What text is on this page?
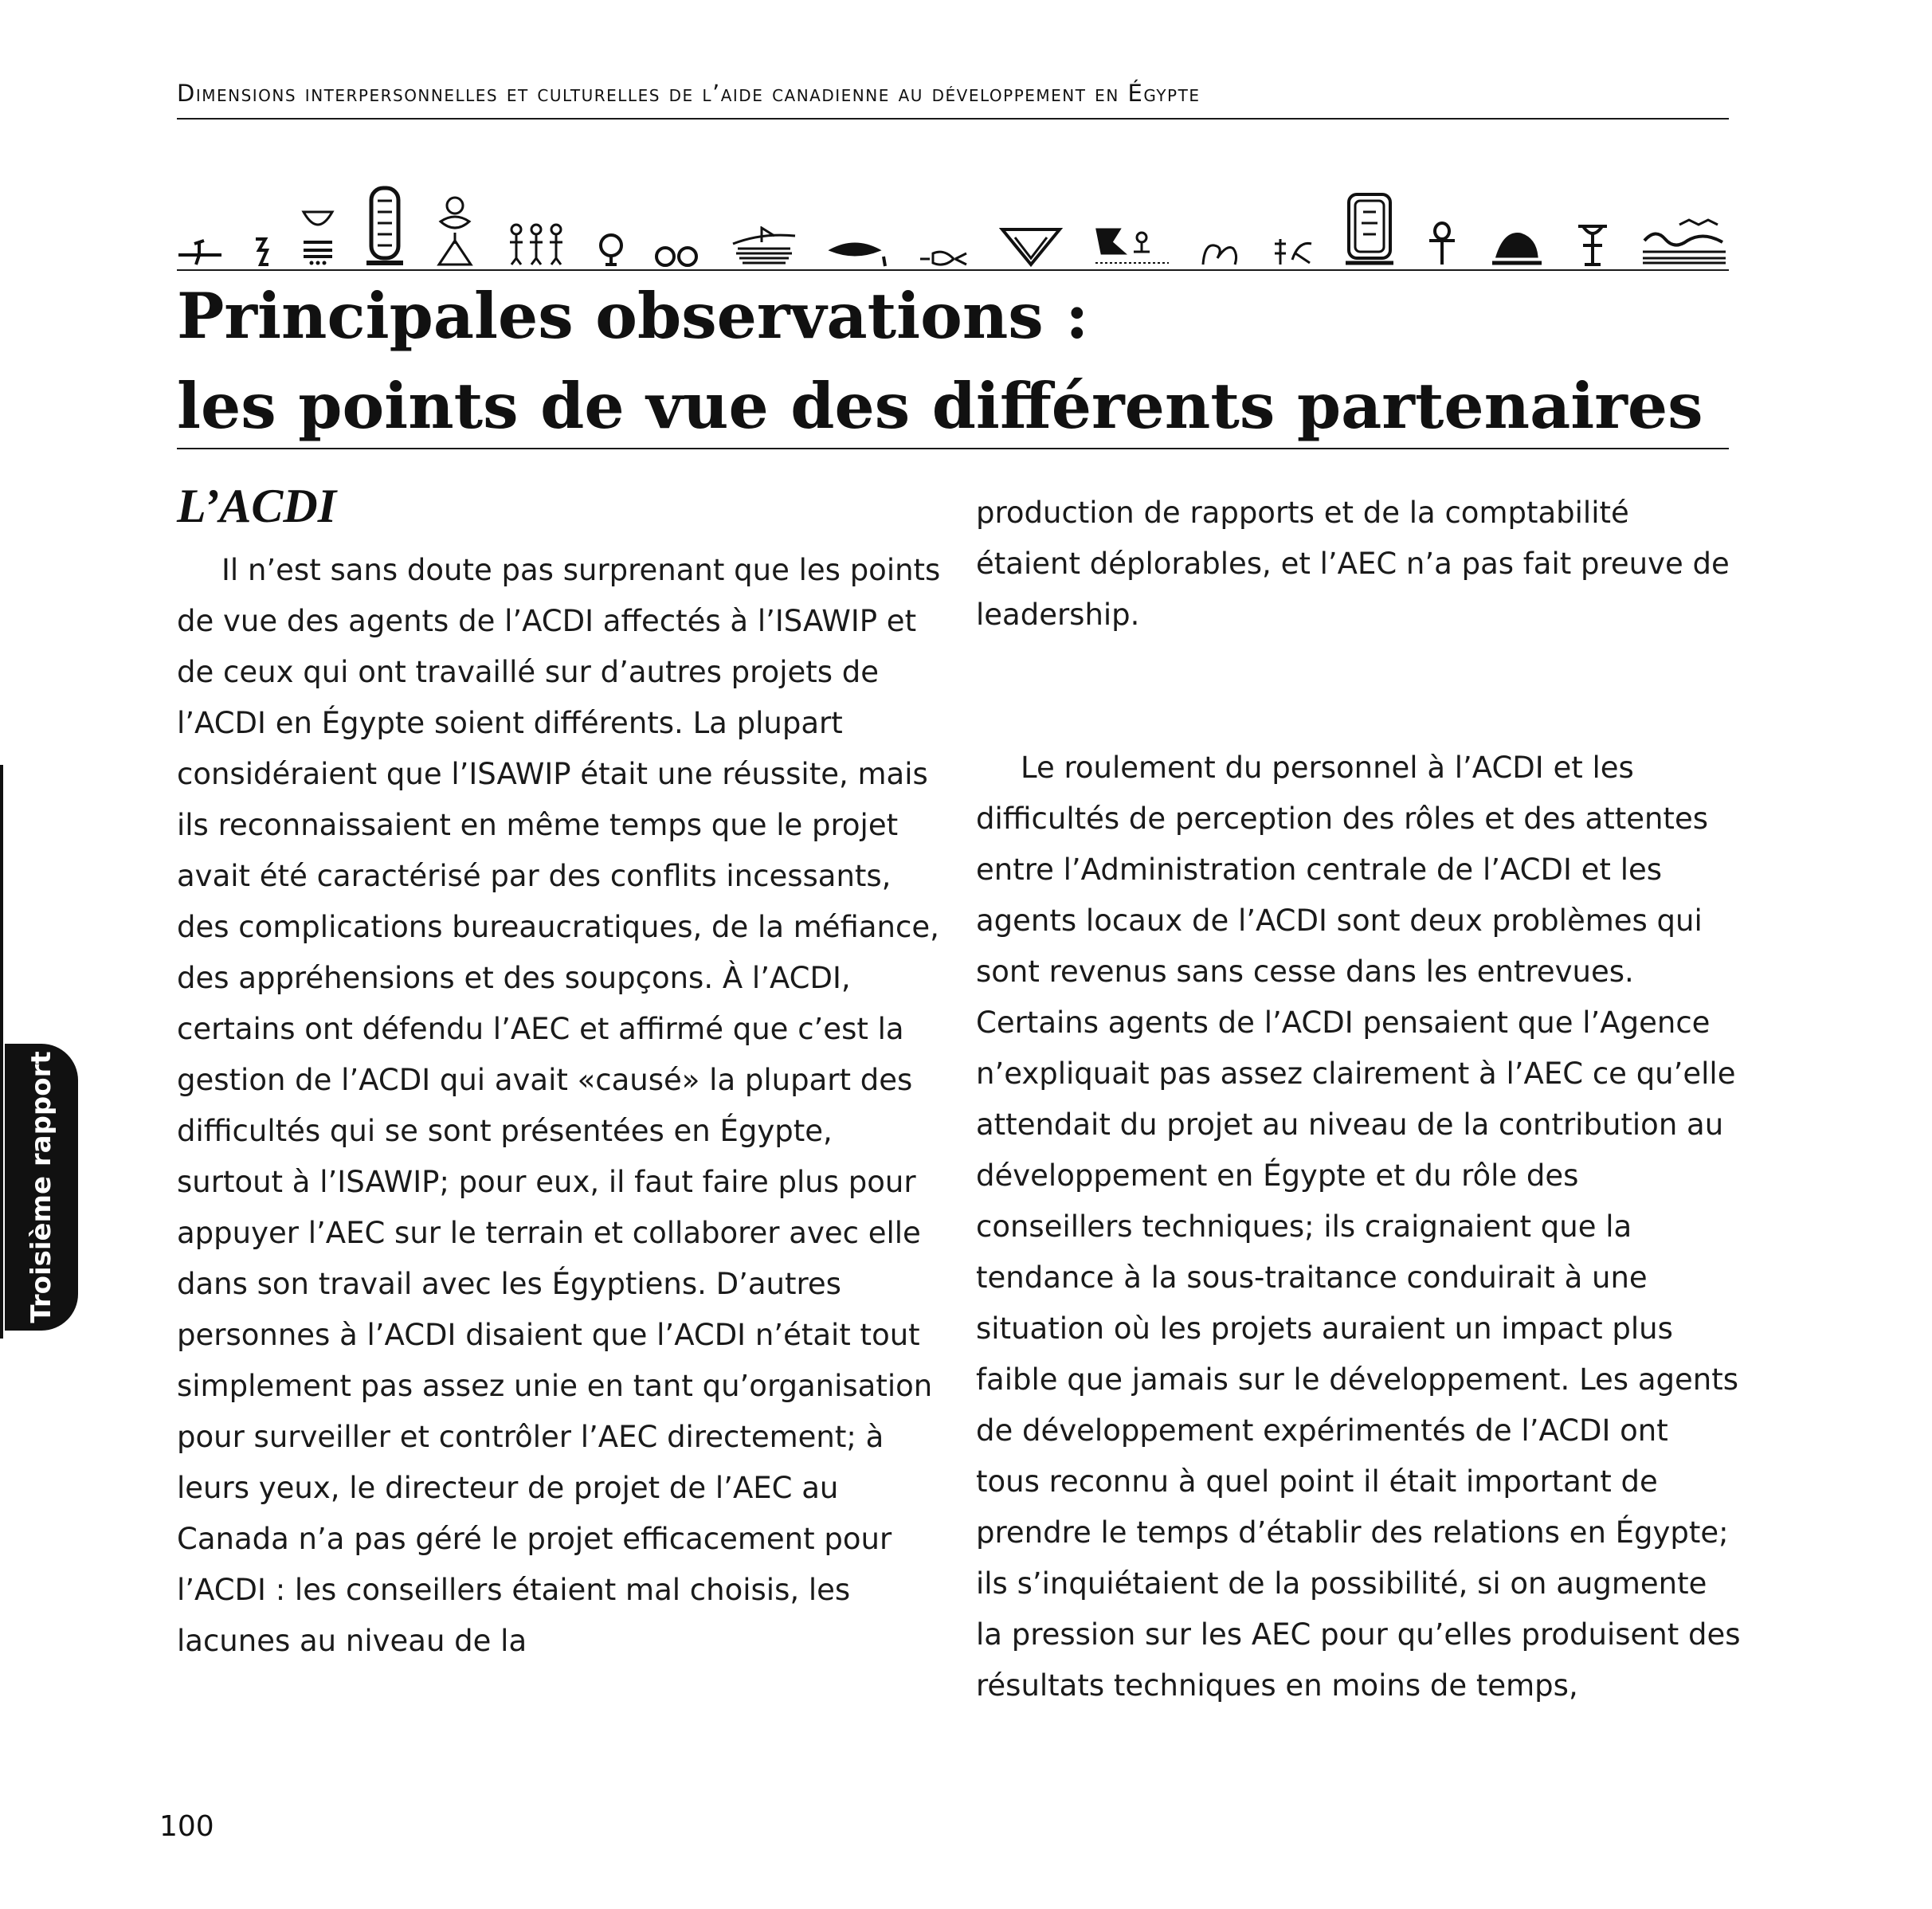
Dimensions interpersonnelles et culturelles de l’aide canadienne au développement en Égypte
Principales observations :
les points de vue des différents partenaires
L’ACDI

Il n’est sans doute pas surprenant que les points de vue des agents de l’ACDI affectés à l’ISAWIP et de ceux qui ont travaillé sur d’autres projets de l’ACDI en Égypte soient différents. La plupart considéraient que l’ISAWIP était une réussite, mais ils reconnaissaient en même temps que le projet avait été caractérisé par des conflits incessants, des complications bureaucratiques, de la méfiance, des appréhensions et des soupçons. À l’ACDI, certains ont défendu l’AEC et affirmé que c’est la gestion de l’ACDI qui avait «causé» la plupart des difficultés qui se sont présentées en Égypte, surtout à l’ISAWIP; pour eux, il faut faire plus pour appuyer l’AEC sur le terrain et collaborer avec elle dans son travail avec les Égyptiens. D’autres personnes à l’ACDI disaient que l’ACDI n’était tout simplement pas assez unie en tant qu’organisation pour surveiller et contrôler l’AEC directement; à leurs yeux, le directeur de projet de l’AEC au Canada n’a pas géré le projet efficacement pour l’ACDI : les conseillers étaient mal choisis, les lacunes au niveau de la

production de rapports et de la comptabilité étaient déplorables, et l’AEC n’a pas fait preuve de leadership.

Le roulement du personnel à l’ACDI et les difficultés de perception des rôles et des attentes entre l’Administration centrale de l’ACDI et les agents locaux de l’ACDI sont deux problèmes qui sont revenus sans cesse dans les entrevues. Certains agents de l’ACDI pensaient que l’Agence n’expliquait pas assez clairement à l’AEC ce qu’elle attendait du projet au niveau de la contribution au développement en Égypte et du rôle des conseillers techniques; ils craignaient que la tendance à la sous-traitance conduirait à une situation où les projets auraient un impact plus faible que jamais sur le développement. Les agents de développement expérimentés de l’ACDI ont tous reconnu à quel point il était important de prendre le temps d’établir des relations en Égypte; ils s’inquiétaient de la possibilité, si on augmente la pression sur les AEC pour qu’elles produisent des résultats techniques en moins de temps,

Troisième rapport
100
